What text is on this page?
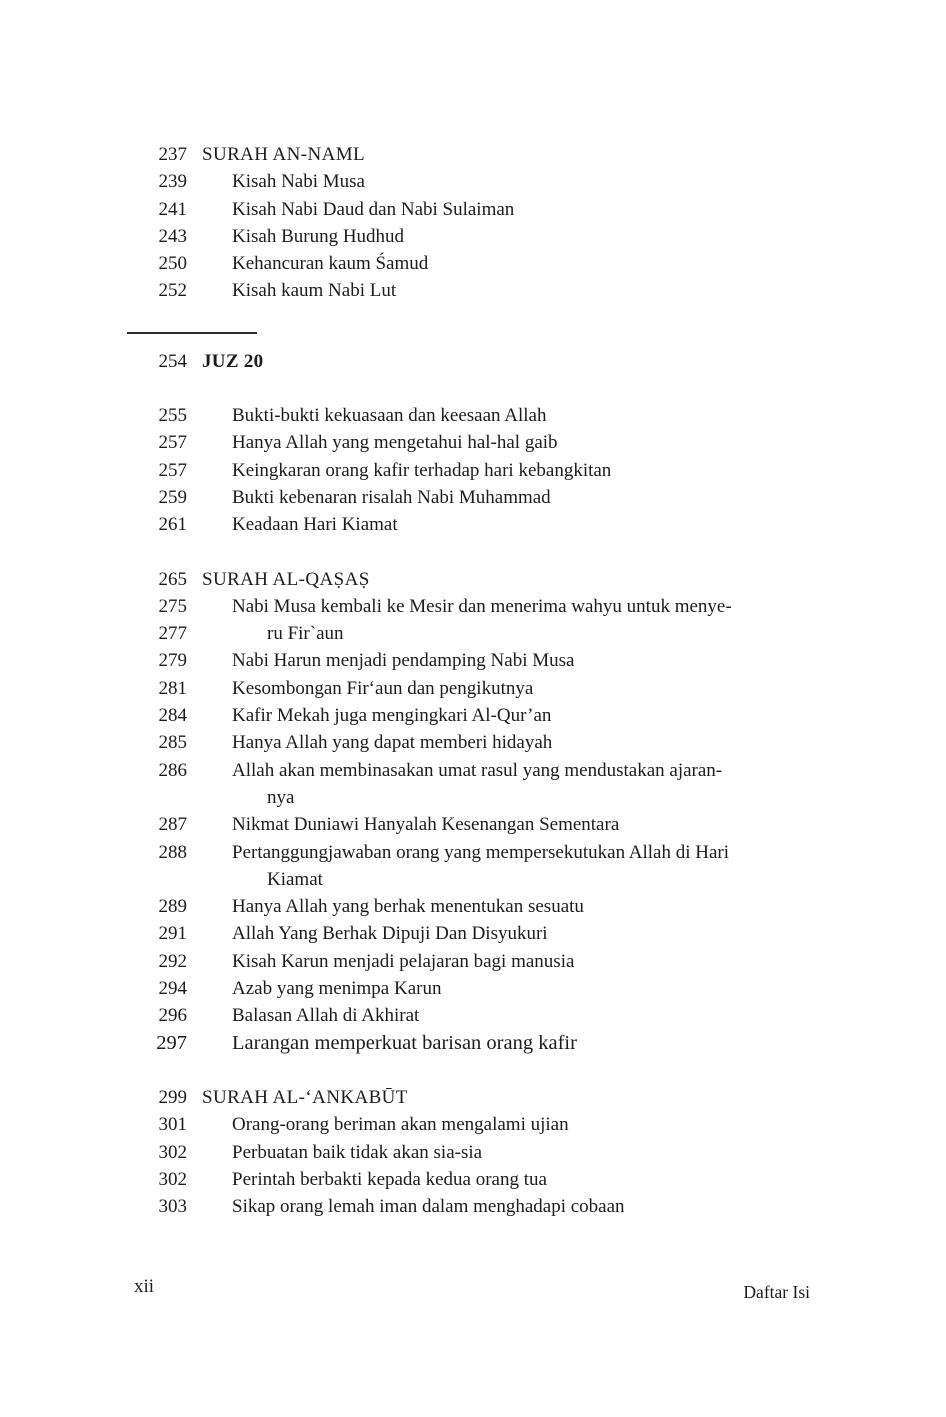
237 SURAH AN-NAML
239 Kisah Nabi Musa
241 Kisah Nabi Daud dan Nabi Sulaiman
243 Kisah Burung Hudhud
250 Kehancuran kaum Śamud
252 Kisah kaum Nabi Lut
254 JUZ 20
255 Bukti-bukti kekuasaan dan keesaan Allah
257 Hanya Allah yang mengetahui hal-hal gaib
257 Keingkaran orang kafir terhadap hari kebangkitan
259 Bukti kebenaran risalah Nabi Muhammad
261 Keadaan Hari Kiamat
265 SURAH AL-QAṢAṢ
275 Nabi Musa kembali ke Mesir dan menerima wahyu untuk menye-
277	ru Fir`aun
279 Nabi Harun menjadi pendamping Nabi Musa
281 Kesombongan Fir‘aun dan pengikutnya
284 Kafir Mekah juga mengingkari Al-Qur’an
285 Hanya Allah yang dapat memberi hidayah
286 Allah akan membinasakan umat rasul yang mendustakan ajaran-
nya
287 Nikmat Duniawi Hanyalah Kesenangan Sementara
288 Pertanggungjawaban orang yang mempersekutukan Allah di Hari
Kiamat
289 Hanya Allah yang berhak menentukan sesuatu
291 Allah Yang Berhak Dipuji Dan Disyukuri
292 Kisah Karun menjadi pelajaran bagi manusia
294 Azab yang menimpa Karun
296 Balasan Allah di Akhirat
297 Larangan memperkuat barisan orang kafir
299 SURAH AL-‘ANKABŪT
301 Orang-orang beriman akan mengalami ujian
302 Perbuatan baik tidak akan sia-sia
302 Perintah berbakti kepada kedua orang tua
303 Sikap orang lemah iman dalam menghadapi cobaan
xii	Daftar Isi
